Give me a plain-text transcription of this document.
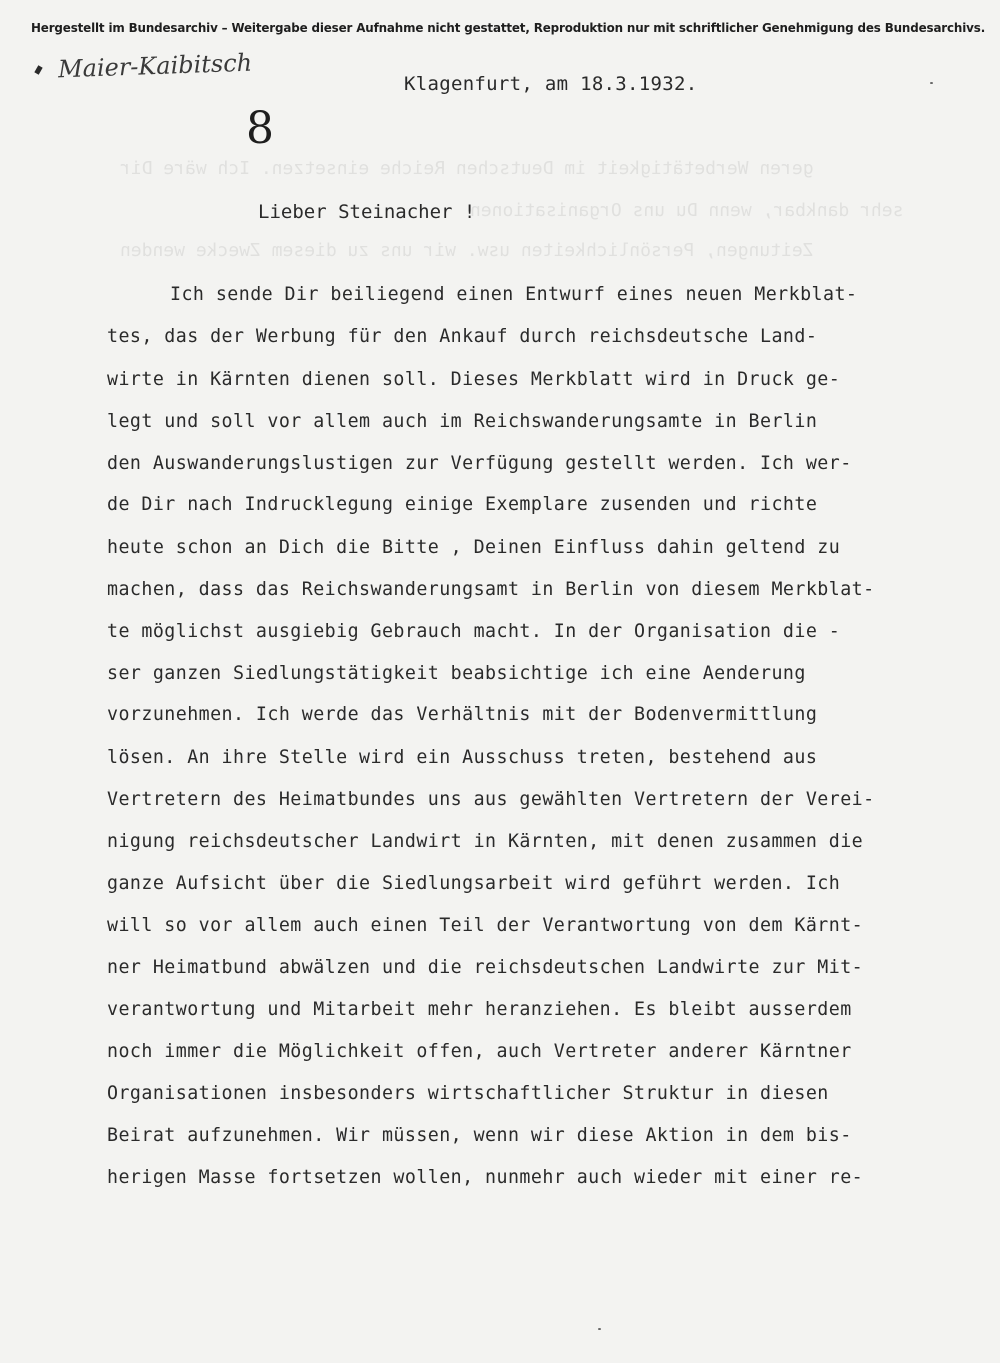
geren Werbetätigkeit im Deutschen Reiche einsetzen. Ich wäre Dir
sehr dankbar, wenn Du uns Organisationen
Zeitungen, Persönlichkeiten usw. wir uns zu diesem Zwecke wenden
Hergestellt im Bundesarchiv – Weitergabe dieser Aufnahme nicht gestattet, Reproduktion nur mit schriftlicher Genehmigung des Bundesarchivs.
Maier-Kaibitsch
Klagenfurt, am 18.3.1932.
8
Lieber Steinacher !
Ich sende Dir beiliegend einen Entwurf eines neuen Merkblat-
tes, das der Werbung für den Ankauf durch reichsdeutsche Land-
wirte in Kärnten dienen soll. Dieses Merkblatt wird in Druck ge-
legt und soll vor allem auch im Reichswanderungsamte in Berlin
den Auswanderungslustigen zur Verfügung gestellt werden. Ich wer-
de Dir nach Indrucklegung einige Exemplare zusenden und richte
heute schon an Dich die Bitte , Deinen Einfluss dahin geltend zu
machen, dass das Reichswanderungsamt in Berlin von diesem Merkblat-
te möglichst ausgiebig Gebrauch macht. In der Organisation die -
ser ganzen Siedlungstätigkeit beabsichtige ich eine Aenderung
vorzunehmen. Ich werde das Verhältnis mit der Bodenvermittlung
lösen. An ihre Stelle wird ein Ausschuss treten, bestehend aus
Vertretern des Heimatbundes uns aus gewählten Vertretern der Verei-
nigung reichsdeutscher Landwirt in Kärnten, mit denen zusammen die
ganze Aufsicht über die Siedlungsarbeit wird geführt werden. Ich
will so vor allem auch einen Teil der Verantwortung von dem Kärnt-
ner Heimatbund abwälzen und die reichsdeutschen Landwirte zur Mit-
verantwortung und Mitarbeit mehr heranziehen. Es bleibt ausserdem
noch immer die Möglichkeit offen, auch Vertreter anderer Kärntner
Organisationen insbesonders wirtschaftlicher Struktur in diesen
Beirat aufzunehmen. Wir müssen, wenn wir diese Aktion in dem bis-
herigen Masse fortsetzen wollen, nunmehr auch wieder mit einer re-
